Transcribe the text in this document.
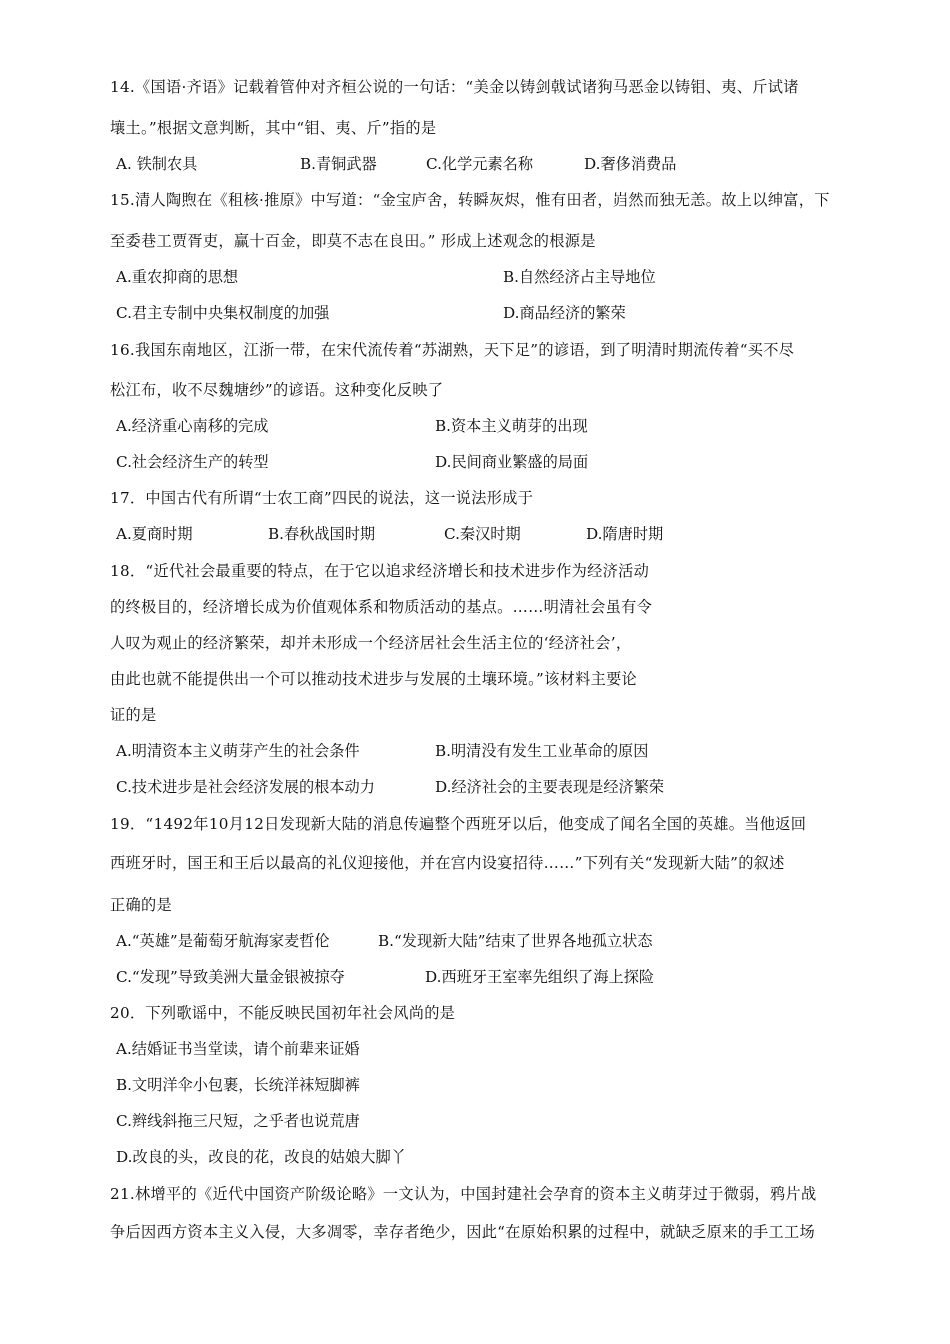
14.《国语·齐语》记载着管仲对齐桓公说的一句话：“美金以铸剑戟试诸狗马恶金以铸钼、夷、斤试诸
壤土。”根据文意判断，其中“钼、夷、斤”指的是
A. 铁制农具	B.青铜武器	C.化学元素名称	D.奢侈消费品
15.清人陶煦在《租核·推原》中写道：“金宝庐舍，转瞬灰烬，惟有田者，岿然而独无恙。故上以绅富，下
至委巷工贾胥吏，赢十百金，即莫不志在良田。” 形成上述观念的根源是
A.重农抑商的思想	B.自然经济占主导地位
C.君主专制中央集权制度的加强	D.商品经济的繁荣
16.我国东南地区，江浙一带，在宋代流传着“苏湖熟，天下足”的谚语，到了明清时期流传着“买不尽
松江布，收不尽魏塘纱”的谚语。这种变化反映了
A.经济重心南移的完成	B.资本主义萌芽的出现
C.社会经济生产的转型	D.民间商业繁盛的局面
17．中国古代有所谓“士农工商”四民的说法，这一说法形成于
A.夏商时期	B.春秋战国时期	C.秦汉时期	D.隋唐时期
18．“近代社会最重要的特点，在于它以追求经济增长和技术进步作为经济活动
的终极目的，经济增长成为价值观体系和物质活动的基点。……明清社会虽有令
人叹为观止的经济繁荣，却并未形成一个经济居社会生活主位的‘经济社会’，
由此也就不能提供出一个可以推动技术进步与发展的土壤环境。”该材料主要论
证的是
A.明清资本主义萌芽产生的社会条件	B.明清没有发生工业革命的原因
C.技术进步是社会经济发展的根本动力	D.经济社会的主要表现是经济繁荣
19．“1492年10月12日发现新大陆的消息传遍整个西班牙以后，他变成了闻名全国的英雄。当他返回
西班牙时，国王和王后以最高的礼仪迎接他，并在宫内设宴招待……”下列有关“发现新大陆”的叙述
正确的是
A.“英雄”是葡萄牙航海家麦哲伦	B.“发现新大陆”结束了世界各地孤立状态
C.“发现”导致美洲大量金银被掠夺	D.西班牙王室率先组织了海上探险
20．下列歌谣中，不能反映民国初年社会风尚的是
A.结婚证书当堂读，请个前辈来证婚
B.文明洋伞小包裹，长统洋袜短脚裤
C.辫线斜拖三尺短，之乎者也说荒唐
D.改良的头，改良的花，改良的姑娘大脚丫
21.林增平的《近代中国资产阶级论略》一文认为，中国封建社会孕育的资本主义萌芽过于微弱，鸦片战
争后因西方资本主义入侵，大多凋零，幸存者绝少，因此“在原始积累的过程中，就缺乏原来的手工工场
